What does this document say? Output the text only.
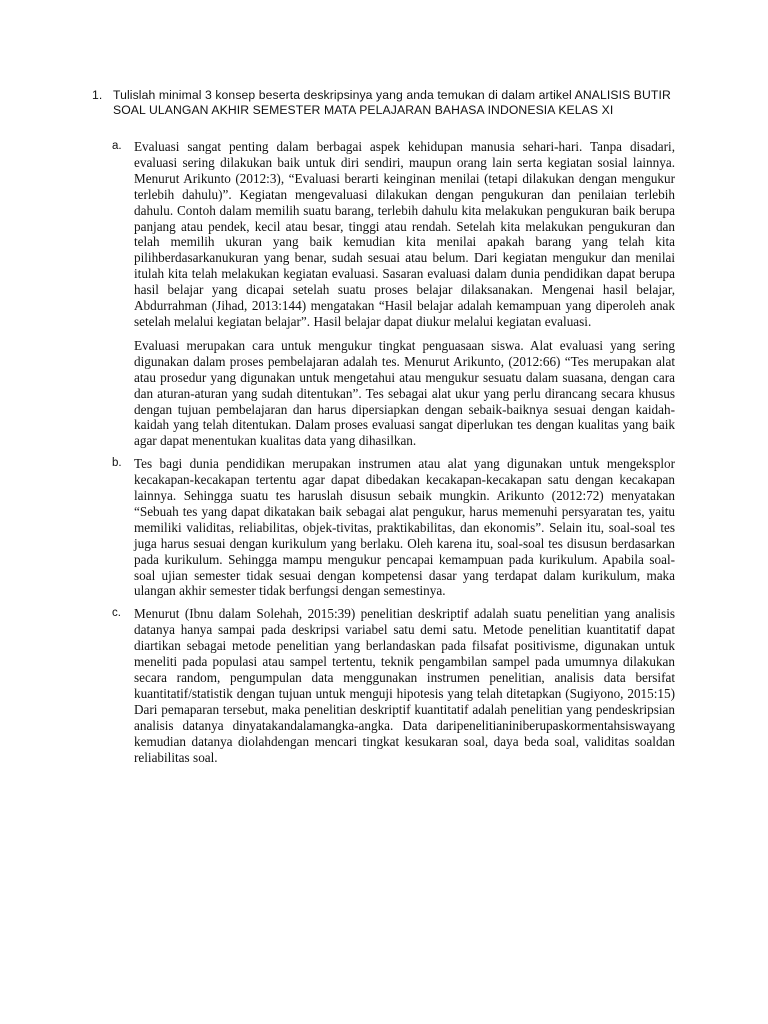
1. Tulislah minimal 3 konsep beserta deskripsinya yang anda temukan di dalam artikel ANALISIS BUTIR SOAL ULANGAN AKHIR SEMESTER MATA PELAJARAN BAHASA INDONESIA KELAS XI
a. Evaluasi sangat penting dalam berbagai aspek kehidupan manusia sehari-hari. Tanpa disadari, evaluasi sering dilakukan baik untuk diri sendiri, maupun orang lain serta kegiatan sosial lainnya. Menurut Arikunto (2012:3), “Evaluasi berarti keinginan menilai (tetapi dilakukan dengan mengukur terlebih dahulu)”. Kegiatan mengevaluasi dilakukan dengan pengukuran dan penilaian terlebih dahulu. Contoh dalam memilih suatu barang, terlebih dahulu kita melakukan pengukuran baik berupa panjang atau pendek, kecil atau besar, tinggi atau rendah. Setelah kita melakukan pengukuran dan telah memilih ukuran yang baik kemudian kita menilai apakah barang yang telah kita pilihberdasarkanukuran yang benar, sudah sesuai atau belum. Dari kegiatan mengukur dan menilai itulah kita telah melakukan kegiatan evaluasi. Sasaran evaluasi dalam dunia pendidikan dapat berupa hasil belajar yang dicapai setelah suatu proses belajar dilaksanakan. Mengenai hasil belajar, Abdurrahman (Jihad, 2013:144) mengatakan “Hasil belajar adalah kemampuan yang diperoleh anak setelah melalui kegiatan belajar”. Hasil belajar dapat diukur melalui kegiatan evaluasi.

Evaluasi merupakan cara untuk mengukur tingkat penguasaan siswa. Alat evaluasi yang sering digunakan dalam proses pembelajaran adalah tes. Menurut Arikunto, (2012:66) “Tes merupakan alat atau prosedur yang digunakan untuk mengetahui atau mengukur sesuatu dalam suasana, dengan cara dan aturan-aturan yang sudah ditentukan”. Tes sebagai alat ukur yang perlu dirancang secara khusus dengan tujuan pembelajaran dan harus dipersiapkan dengan sebaik-baiknya sesuai dengan kaidah-kaidah yang telah ditentukan. Dalam proses evaluasi sangat diperlukan tes dengan kualitas yang baik agar dapat menentukan kualitas data yang dihasilkan.

b. Tes bagi dunia pendidikan merupakan instrumen atau alat yang digunakan untuk mengeksplor kecakapan-kecakapan tertentu agar dapat dibedakan kecakapan-kecakapan satu dengan kecakapan lainnya. Sehingga suatu tes haruslah disusun sebaik mungkin. Arikunto (2012:72) menyatakan “Sebuah tes yang dapat dikatakan baik sebagai alat pengukur, harus memenuhi persyaratan tes, yaitu memiliki validitas, reliabilitas, objek-tivitas, praktikabilitas, dan ekonomis”. Selain itu, soal-soal tes juga harus sesuai dengan kurikulum yang berlaku. Oleh karena itu, soal-soal tes disusun berdasarkan pada kurikulum. Sehingga mampu mengukur pencapai kemampuan pada kurikulum. Apabila soal-soal ujian semester tidak sesuai dengan kompetensi dasar yang terdapat dalam kurikulum, maka ulangan akhir semester tidak berfungsi dengan semestinya.

c. Menurut (Ibnu dalam Solehah, 2015:39) penelitian deskriptif adalah suatu penelitian yang analisis datanya hanya sampai pada deskripsi variabel satu demi satu. Metode penelitian kuantitatif dapat diartikan sebagai metode penelitian yang berlandaskan pada filsafat positivisme, digunakan untuk meneliti pada populasi atau sampel tertentu, teknik pengambilan sampel pada umumnya dilakukan secara random, pengumpulan data menggunakan instrumen penelitian, analisis data bersifat kuantitatif/statistik dengan tujuan untuk menguji hipotesis yang telah ditetapkan (Sugiyono, 2015:15) Dari pemaparan tersebut, maka penelitian deskriptif kuantitatif adalah penelitian yang pendeskripsian analisis datanya dinyatakandalamangka-angka. Data daripenelitianiniberupaskormentahsiswayang kemudian datanya diolahdengan mencari tingkat kesukaran soal, daya beda soal, validitas soaldan reliabilitas soal.
